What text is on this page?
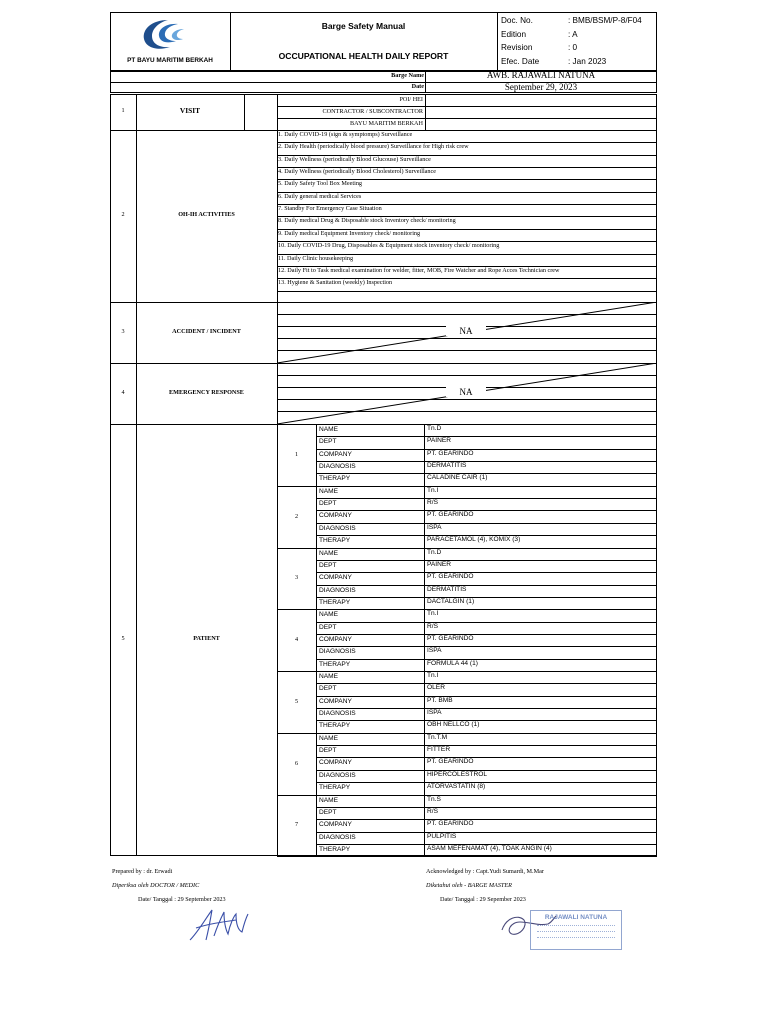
PT BAYU MARITIM BERKAH
Barge Safety Manual
OCCUPATIONAL HEALTH DAILY REPORT
Doc. No.	: BMB/BSM/P-8/F04
Edition	: A
Revision	: 0
Efec. Date	: Jan 2023
Barge Name	AWB. RAJAWALI NATUNA
Date	September 29, 2023
1	VISIT
POI/ HEI
CONTRACTOR / SUBCONTRACTOR
BAYU MARITIM BERKAH
2	OH-IH ACTIVITIES
1. Daily COVID-19 (sign & symptomps) Surveillance
2. Daily Health (periodically blood pressure) Surveillance for High risk crew
3. Daily Wellness (periodically Blood Glucouse) Surveillance
4. Daily Wellness (periodically Blood Cholesterol) Surveillance
5. Daily Safety Tool Box Meeting
6. Daily general medical Services
7. Standby For Emergency Case Situation
8. Daily medical Drug & Disposable stock Inventory check/ monitoring
9. Daily medical Equipment Inventory check/ monitoring
10. Daily COVID-19 Drug, Disposables & Equipment stock inventory check/ monitoring
11. Daily Clinic housekeeping
12. Daily Fit to Task medical examination for welder, fitter, MOB, Fire Watcher and Rope Acces Technician crew
13. Hygiene & Sanitation (weekly) Inspection
3	ACCIDENT / INCIDENT	NA
4	EMERGENCY RESPONSE	NA
5	PATIENT
1
NAME	Tn.D
DEPT	PAINER
COMPANY	PT. GEARINDO
DIAGNOSIS	DERMATITIS
THERAPY	CALADINE CAIR (1)
2
NAME	Tn.I
DEPT	R/S
COMPANY	PT. GEARINDO
DIAGNOSIS	ISPA
THERAPY	PARACETAMOL (4), KOMIX (3)
3
NAME	Tn.D
DEPT	PAINER
COMPANY	PT. GEARINDO
DIAGNOSIS	DERMATITIS
THERAPY	DACTALGIN (1)
4
NAME	Tn.I
DEPT	R/S
COMPANY	PT. GEARINDO
DIAGNOSIS	ISPA
THERAPY	FORMULA 44 (1)
5
NAME	Tn.I
DEPT	OLER
COMPANY	PT. BMB
DIAGNOSIS	ISPA
THERAPY	OBH NELLCO (1)
6
NAME	Tn.T.M
DEPT	FITTER
COMPANY	PT. GEARINDO
DIAGNOSIS	HIPERCOLESTROL
THERAPY	ATORVASTATIN (8)
7
NAME	Tn.S
DEPT	R/S
COMPANY	PT. GEARINDO
DIAGNOSIS	PULPITIS
THERAPY	ASAM MEFENAMAT (4), TOAK ANGIN (4)
Prepared by : dr. Erwadi
Diperiksa oleh DOCTOR / MEDIC
Date/ Tanggal : 29 September 2023
Acknowledged by : Capt.Yudi Sumardi, M.Mar
Diketahui oleh - BARGE MASTER
Date/ Tanggal : 29 Sepember 2023
RAJAWALI NATUNA
